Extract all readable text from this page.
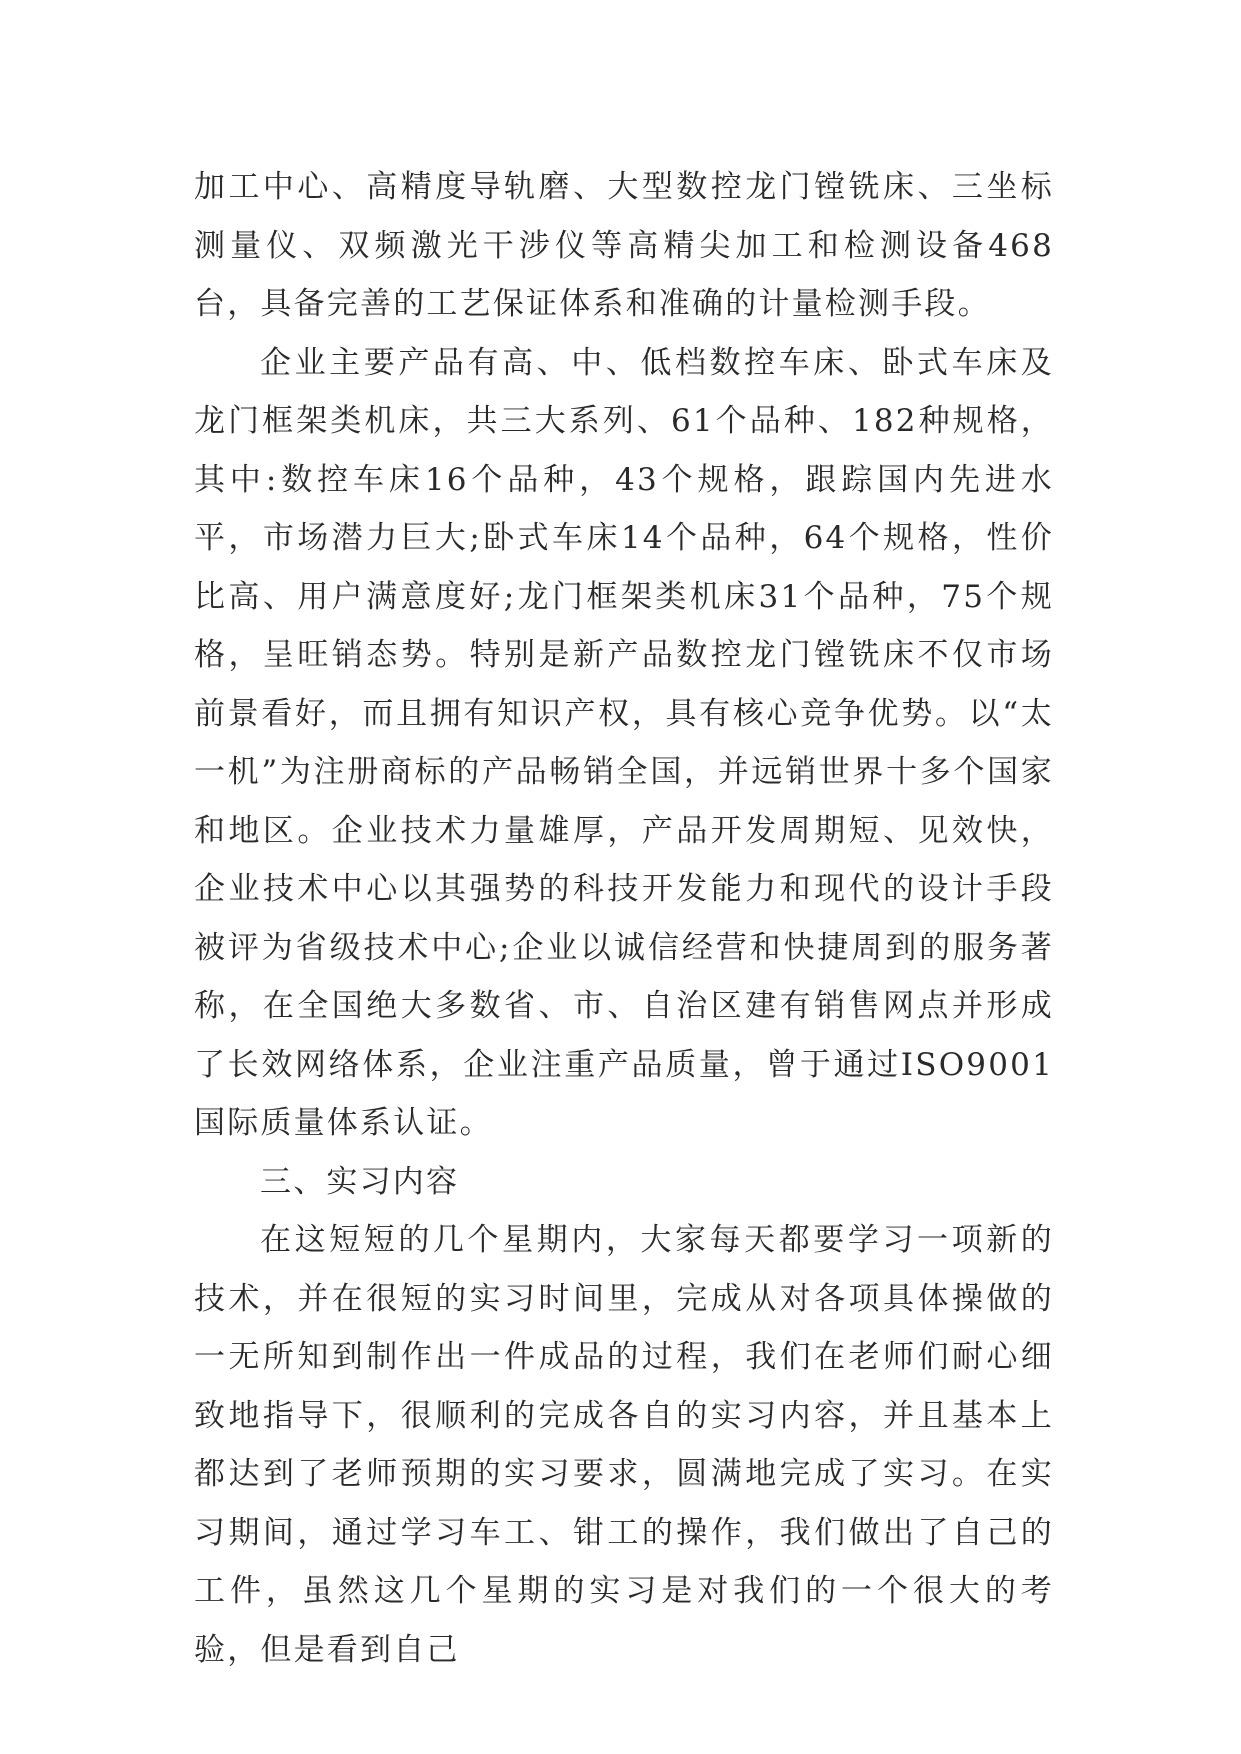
加工中心、高精度导轨磨、大型数控龙门镗铣床、三坐标测量仪、双频激光干涉仪等高精尖加工和检测设备468台，具备完善的工艺保证体系和准确的计量检测手段。

企业主要产品有高、中、低档数控车床、卧式车床及龙门框架类机床，共三大系列、61个品种、182种规格，其中:数控车床16个品种，43个规格，跟踪国内先进水平，市场潜力巨大;卧式车床14个品种，64个规格，性价比高、用户满意度好;龙门框架类机床31个品种，75个规格，呈旺销态势。特别是新产品数控龙门镗铣床不仅市场前景看好，而且拥有知识产权，具有核心竞争优势。以“太一机”为注册商标的产品畅销全国，并远销世界十多个国家和地区。企业技术力量雄厚，产品开发周期短、见效快，企业技术中心以其强势的科技开发能力和现代的设计手段被评为省级技术中心;企业以诚信经营和快捷周到的服务著称，在全国绝大多数省、市、自治区建有销售网点并形成了长效网络体系，企业注重产品质量，曾于通过ISO9001国际质量体系认证。

三、实习内容

在这短短的几个星期内，大家每天都要学习一项新的技术，并在很短的实习时间里，完成从对各项具体操做的一无所知到制作出一件成品的过程，我们在老师们耐心细致地指导下，很顺利的完成各自的实习内容，并且基本上都达到了老师预期的实习要求，圆满地完成了实习。在实习期间，通过学习车工、钳工的操作，我们做出了自己的工件，虽然这几个星期的实习是对我们的一个很大的考验，但是看到自己
